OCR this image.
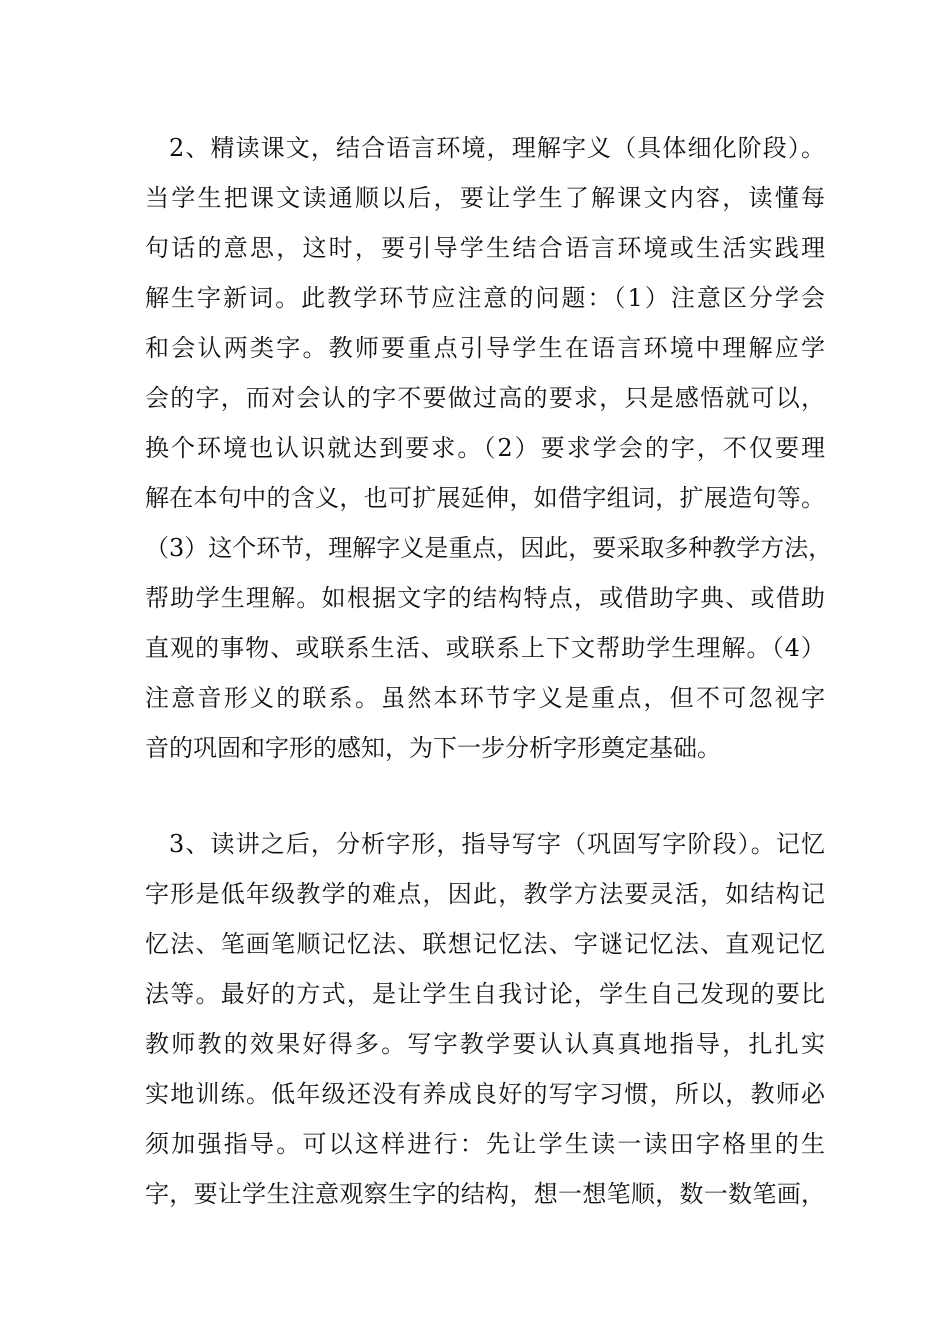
2、精读课文，结合语言环境，理解字义（具体细化阶段）。
当学生把课文读通顺以后，要让学生了解课文内容，读懂每
句话的意思，这时，要引导学生结合语言环境或生活实践理
解生字新词。此教学环节应注意的问题：（1）注意区分学会
和会认两类字。教师要重点引导学生在语言环境中理解应学
会的字，而对会认的字不要做过高的要求，只是感悟就可以，
换个环境也认识就达到要求。（2）要求学会的字，不仅要理
解在本句中的含义，也可扩展延伸，如借字组词，扩展造句等。
（3）这个环节，理解字义是重点，因此，要采取多种教学方法，
帮助学生理解。如根据文字的结构特点，或借助字典、或借助
直观的事物、或联系生活、或联系上下文帮助学生理解。（4）
注意音形义的联系。虽然本环节字义是重点，但不可忽视字
音的巩固和字形的感知，为下一步分析字形奠定基础。
3、读讲之后，分析字形，指导写字（巩固写字阶段）。记忆
字形是低年级教学的难点，因此，教学方法要灵活，如结构记
忆法、笔画笔顺记忆法、联想记忆法、字谜记忆法、直观记忆
法等。最好的方式，是让学生自我讨论，学生自己发现的要比
教师教的效果好得多。写字教学要认认真真地指导，扎扎实
实地训练。低年级还没有养成良好的写字习惯，所以，教师必
须加强指导。可以这样进行：先让学生读一读田字格里的生
字，要让学生注意观察生字的结构，想一想笔顺，数一数笔画，
